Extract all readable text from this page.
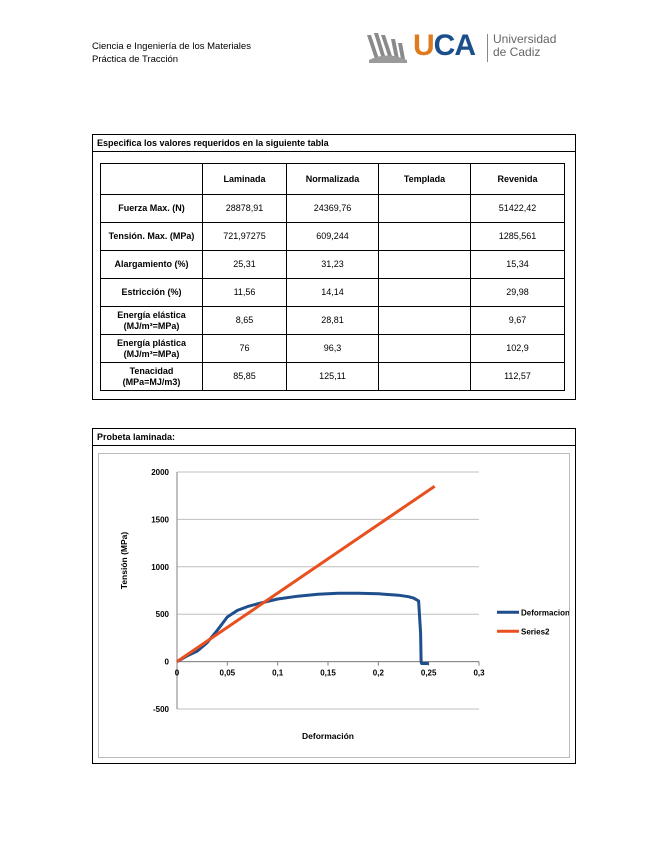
Ciencia e Ingeniería de los Materiales
Práctica de Tracción	UCA Universidad
de Cadiz
Especifica los valores requeridos en la siguiente tabla
	Laminada	Normalizada	Templada	Revenida
Fuerza Max. (N)	28878,91	24369,76		51422,42
Tensión. Max. (MPa)	721,97275	609,244		1285,561
Alargamiento (%)	25,31	31,23		15,34
Estricción (%)	11,56	14,14		29,98
Energía elástica (MJ/m³=MPa)	8,65	28,81		9,67
Energía plástica (MJ/m³=MPa)	76	96,3		102,9
Tenacidad (MPa=MJ/m3)	85,85	125,11		112,57
Probeta laminada:
-500
0
500
1000
1500
2000
0	0,05	0,1	0,15	0,2	0,25	0,3
Deformación
Tensión (MPa)
Deformacion
Series2
